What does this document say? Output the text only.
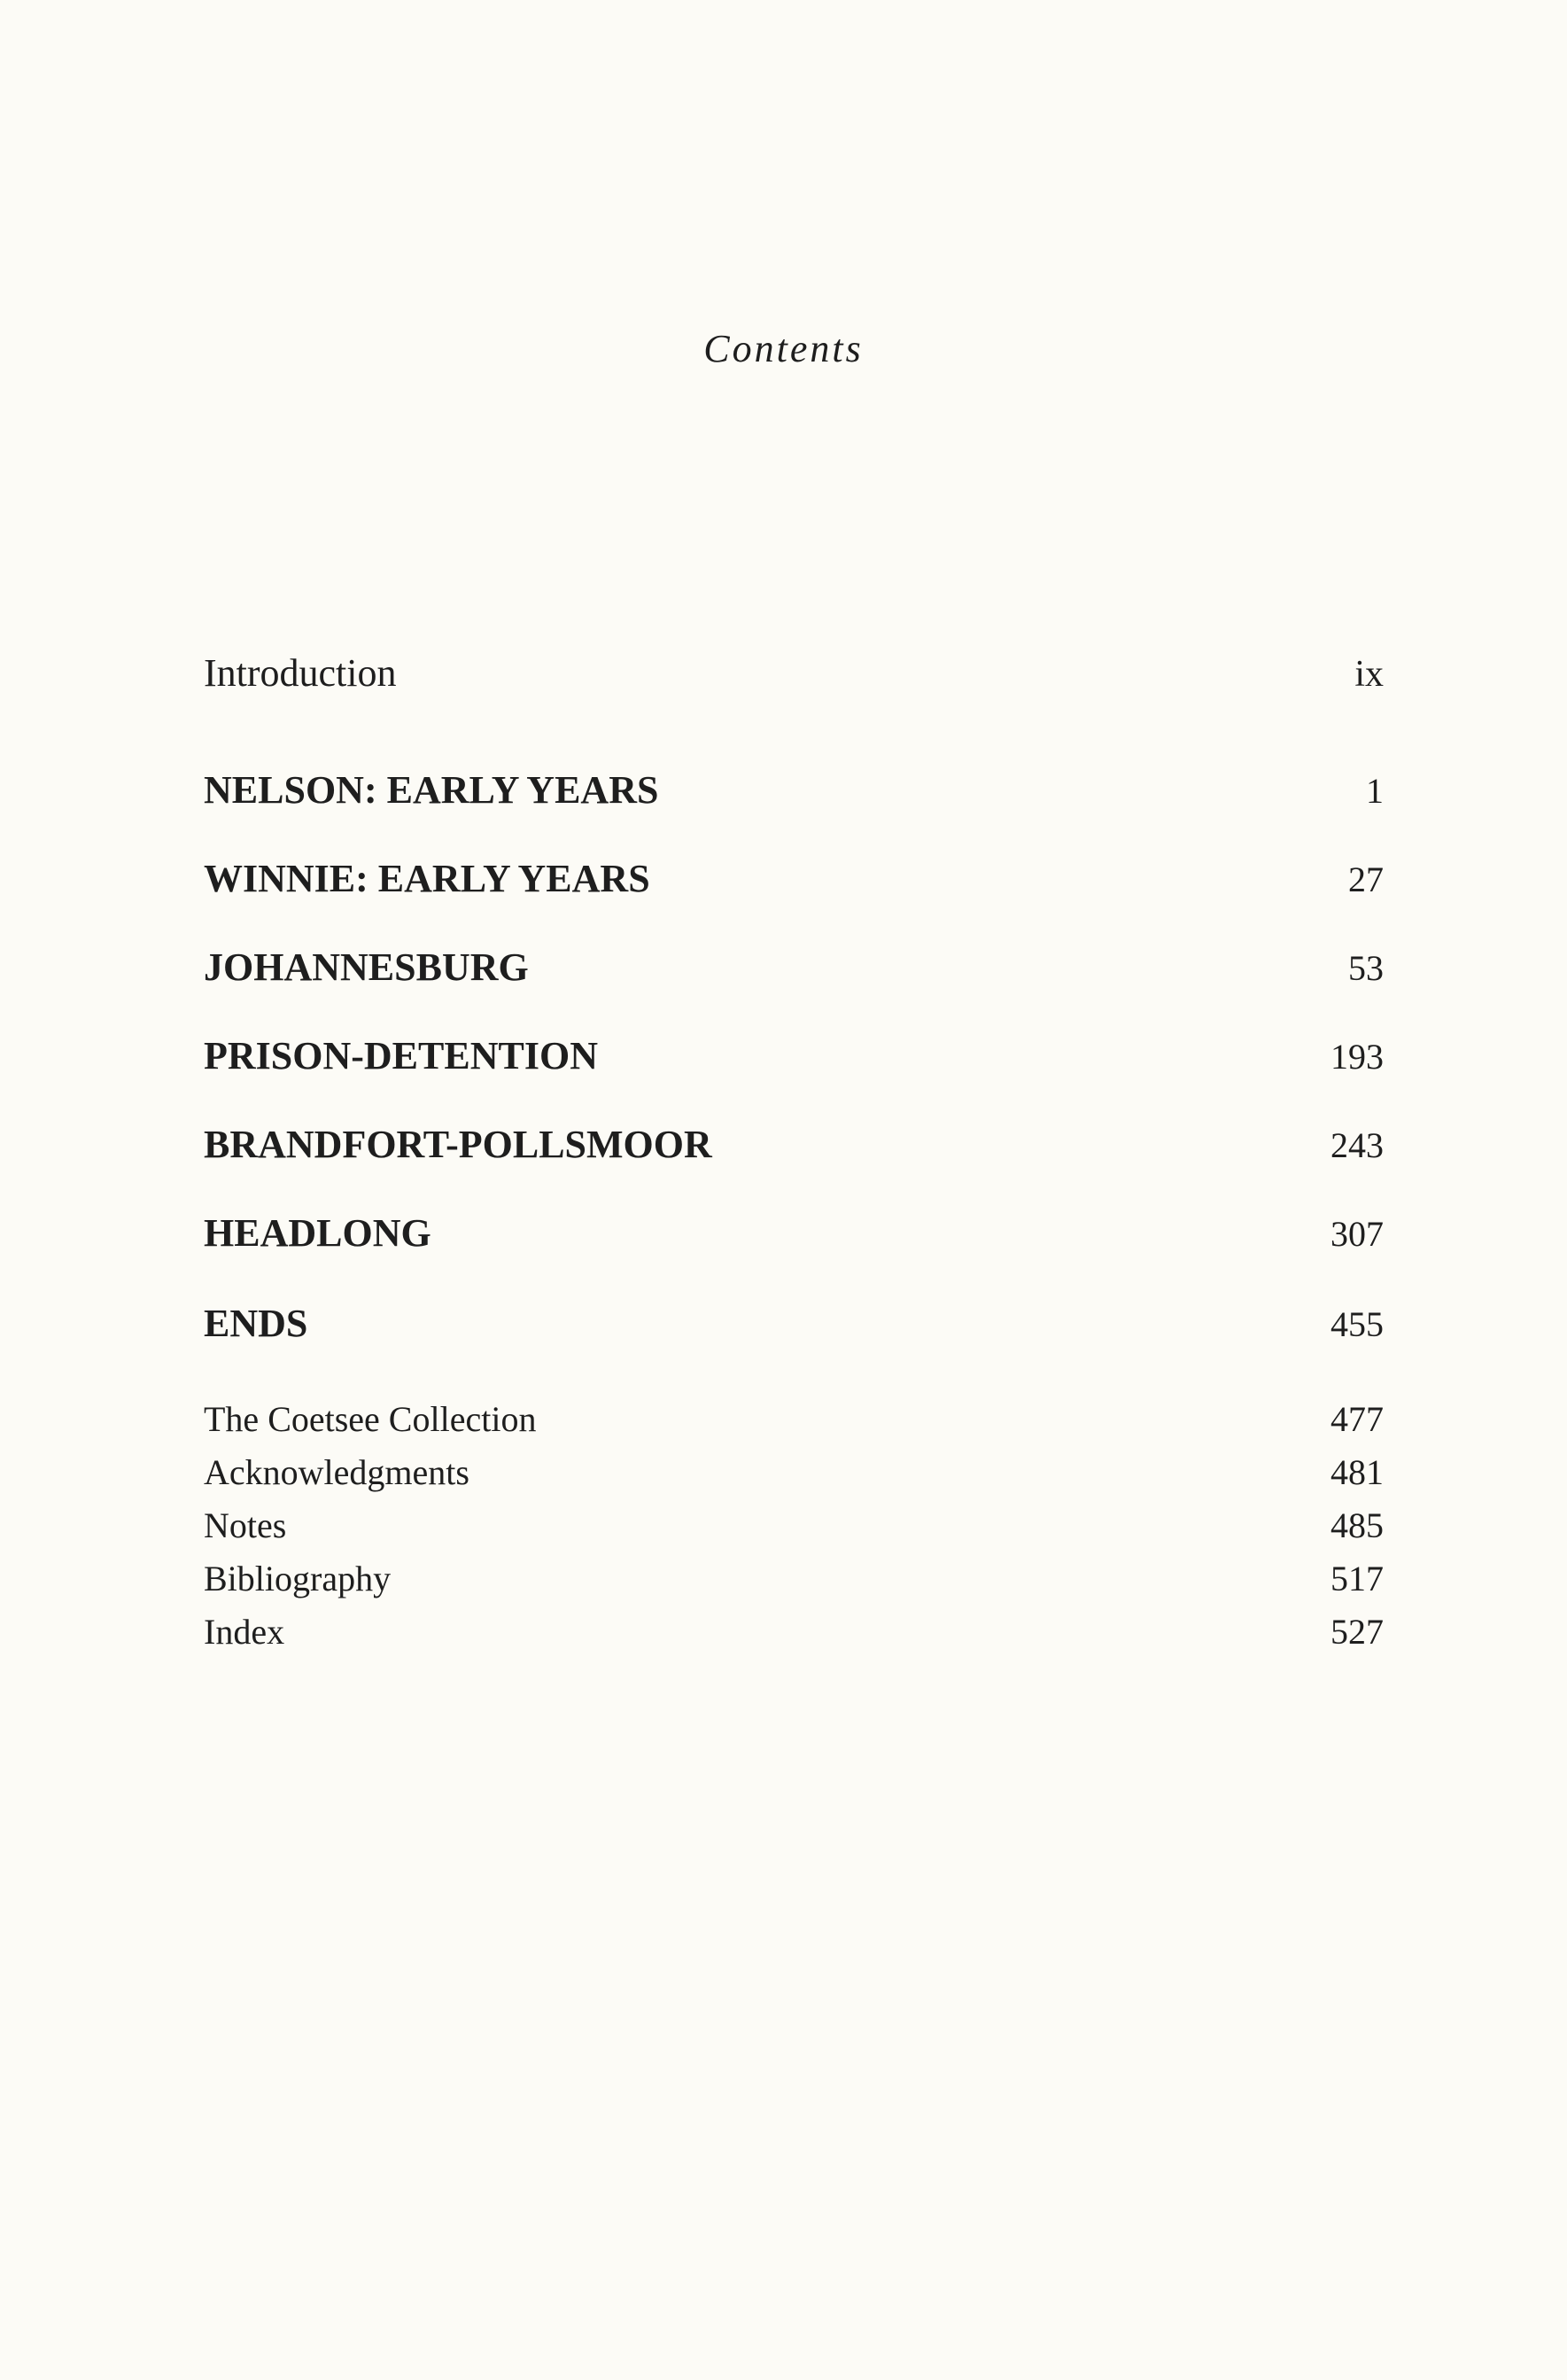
Contents
Introduction	ix
NELSON: EARLY YEARS	1
WINNIE: EARLY YEARS	27
JOHANNESBURG	53
PRISON-DETENTION	193
BRANDFORT-POLLSMOOR	243
HEADLONG	307
ENDS	455
The Coetsee Collection	477
Acknowledgments	481
Notes	485
Bibliography	517
Index	527
